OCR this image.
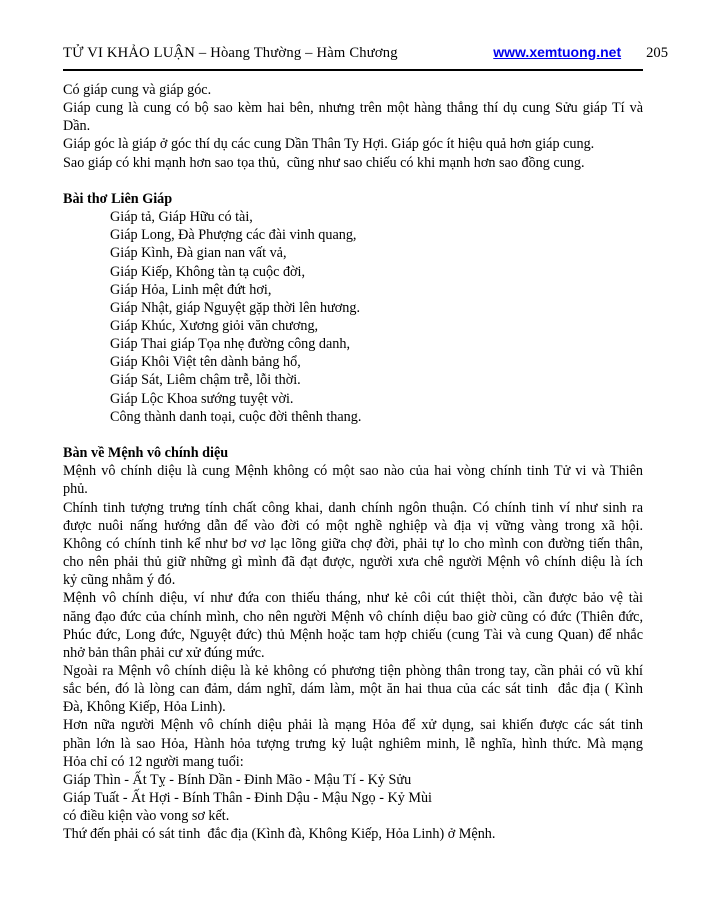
TỬ VI KHẢO LUẬN – Hòang Thường – Hàm Chương	www.xemtuong.net 205
Có giáp cung và giáp góc.
Giáp cung là cung có bộ sao kèm hai bên, nhưng trên một hàng thẳng thí dụ cung Sửu giáp Tí và
Dần.
Giáp góc là giáp ở góc thí dụ các cung Dần Thân Ty Hợi. Giáp góc ít hiệu quả hơn giáp cung.
Sao giáp có khi mạnh hơn sao tọa thủ,  cũng như sao chiếu có khi mạnh hơn sao đồng cung.
Bài thơ Liên Giáp
Giáp tả, Giáp Hữu có tài,
Giáp Long, Đà Phượng các đài vinh quang,
Giáp Kình, Đà gian nan vất vả,
Giáp Kiếp, Không tàn tạ cuộc đời,
Giáp Hỏa, Linh mệt đứt hơi,
Giáp Nhật, giáp Nguyệt gặp thời lên hương.
Giáp Khúc, Xương giỏi văn chương,
Giáp Thai giáp Tọa nhẹ đường công danh,
Giáp Khôi Việt tên dành bảng hổ,
Giáp Sát, Liêm chậm trễ, lỗi thời.
Giáp Lộc Khoa sướng tuyệt vời.
Công thành danh toại, cuộc đời thênh thang.
Bàn về Mệnh vô chính diệu
Mệnh vô chính diệu là cung Mệnh không có một sao nào của hai vòng chính tinh Tử vi và Thiên
phủ.
Chính tinh tượng trưng tính chất công khai, danh chính ngôn thuận. Có chính tinh ví như sinh ra
được nuôi nấng hướng dẫn để vào đời có một nghề nghiệp và địa vị vững vàng trong xã hội.
Không có chính tinh kể như bơ vơ lạc lõng giữa chợ đời, phải tự lo cho mình con đường tiến thân,
cho nên phải thủ giữ những gì mình đã đạt được, người xưa chê người Mệnh vô chính diệu là ích
kỷ cũng nhằm ý đó.
Mệnh vô chính diệu, ví như đứa con thiếu tháng, như kẻ côi cút thiệt thòi, cần được bảo vệ tài
năng đạo đức của chính mình, cho nên người Mệnh vô chính diệu bao giờ cũng có đức (Thiên đức,
Phúc đức, Long đức, Nguyệt đức) thủ Mệnh hoặc tam hợp chiếu (cung Tài và cung Quan) để nhắc
nhở bản thân phải cư xử đúng mức.
Ngoài ra Mệnh vô chính diệu là kẻ không có phương tiện phòng thân trong tay, cần phải có vũ khí
sắc bén, đó là lòng can đảm, dám nghĩ, dám làm, một ăn hai thua của các sát tinh  đắc địa ( Kình
Đà, Không Kiếp, Hỏa Linh).
Hơn nữa người Mệnh vô chính diệu phải là mạng Hỏa để xử dụng, sai khiến được các sát tinh
phần lớn là sao Hỏa, Hành hỏa tượng trưng kỷ luật nghiêm minh, lễ nghĩa, hình thức. Mà mạng
Hỏa chỉ có 12 người mang tuổi:
Giáp Thìn - Ất Tỵ - Bính Dần - Đinh Mão - Mậu Tí - Kỷ Sửu
Giáp Tuất - Ất Hợi - Bính Thân - Đinh Dậu - Mậu Ngọ - Kỷ Mùi
có điều kiện vào vong sơ kết.
Thứ đến phải có sát tinh  đắc địa (Kình đà, Không Kiếp, Hỏa Linh) ở Mệnh.
